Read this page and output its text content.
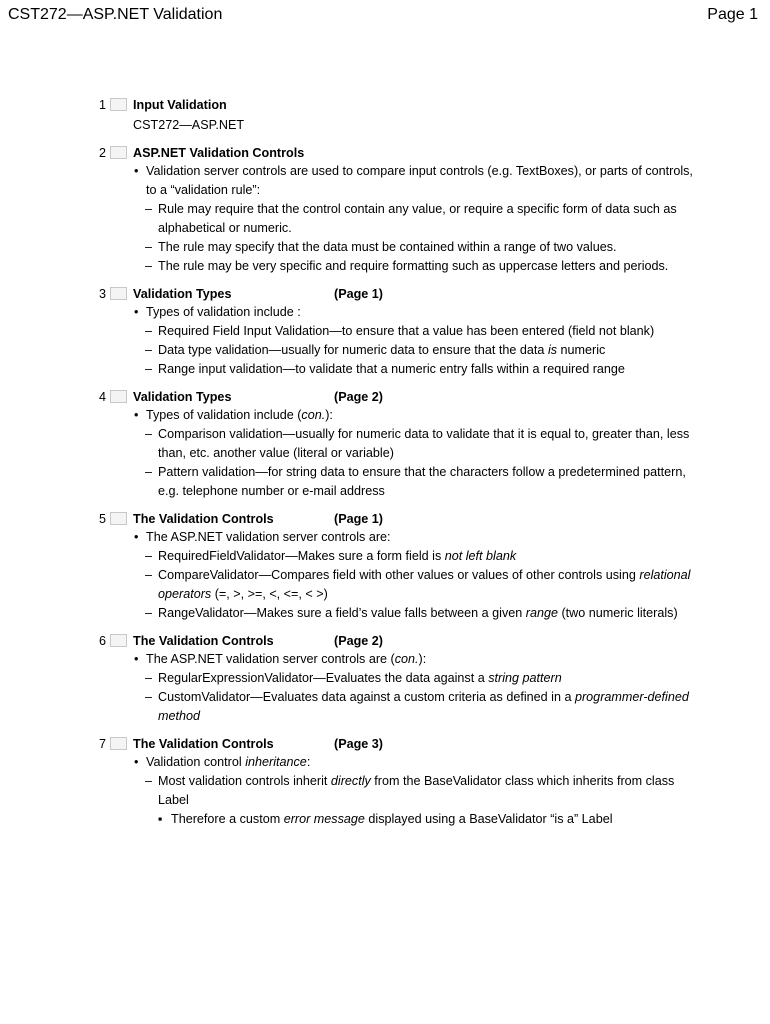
CST272—ASP.NET Validation	Page 1
1 Input Validation
CST272—ASP.NET
2 ASP.NET Validation Controls
• Validation server controls are used to compare input controls (e.g. TextBoxes), or parts of controls, to a “validation rule”:
– Rule may require that the control contain any value, or require a specific form of data such as alphabetical or numeric.
– The rule may specify that the data must be contained within a range of two values.
– The rule may be very specific and require formatting such as uppercase letters and periods.
3 Validation Types	(Page 1)
• Types of validation include :
– Required Field Input Validation—to ensure that a value has been entered (field not blank)
– Data type validation—usually for numeric data to ensure that the data is numeric
– Range input validation—to validate that a numeric entry falls within a required range
4 Validation Types	(Page 2)
• Types of validation include (con.):
– Comparison validation—usually for numeric data to validate that it is equal to, greater than, less than, etc. another value (literal or variable)
– Pattern validation—for string data to ensure that the characters follow a predetermined pattern, e.g. telephone number or e-mail address
5 The Validation Controls	(Page 1)
• The ASP.NET validation server controls are:
– RequiredFieldValidator—Makes sure a form field is not left blank
– CompareValidator—Compares field with other values or values of other controls using relational operators (=, >, >=, <, <=, < >)
– RangeValidator—Makes sure a field’s value falls between a given range (two numeric literals)
6 The Validation Controls	(Page 2)
• The ASP.NET validation server controls are (con.):
– RegularExpressionValidator—Evaluates the data against a string pattern
– CustomValidator—Evaluates data against a custom criteria as defined in a programmer-defined method
7 The Validation Controls	(Page 3)
• Validation control inheritance:
– Most validation controls inherit directly from the BaseValidator class which inherits from class Label
▪ Therefore a custom error message displayed using a BaseValidator “is a” Label
